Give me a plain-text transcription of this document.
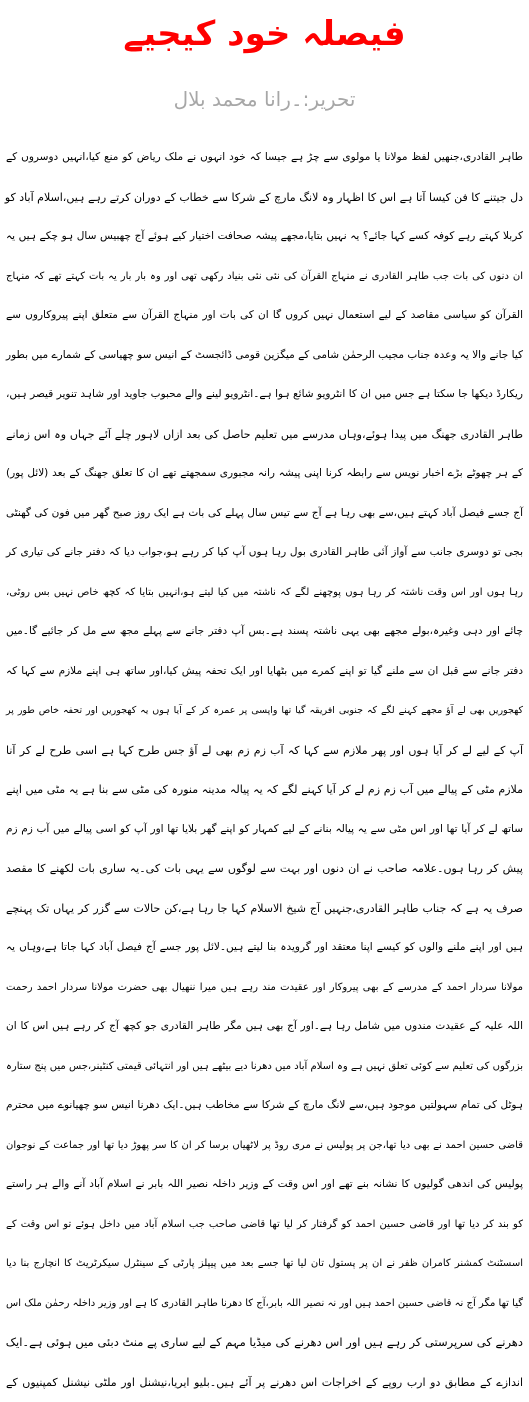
فیصلہ خود کیجیے
تحریر:۔رانا محمد بلال
طاہر القادری،جنھیں لفظ مولانا یا مولوی سے چڑ ہے جیسا کہ خود انہوں نے ملک ریاض کو منع کیا،انہیں دوسروں کے
دل جیتنے کا فن کیسا آتا ہے اس کا اظہار وہ لانگ مارچ کے شرکا سے خطاب کے دوران کرتے رہے ہیں،اسلام آباد کو
کربلا کہتے رہے کوفہ کسے کہا جائے؟ یہ نہیں بتایا،مجھے پیشہ صحافت اختیار کیے ہوئے آج چھبیس سال ہو چکے ہیں یہ
ان دنوں کی بات جب طاہر القادری نے منہاج القرآن کی نئی نئی بنیاد رکھی تھی اور وہ بار بار یہ بات کہتے تھے کہ منہاج
القرآن کو سیاسی مقاصد کے لیے استعمال نہیں کروں گا ان کی بات اور منہاج القرآن سے متعلق اپنے پیروکاروں سے
کیا جانے والا یہ وعدہ جناب مجیب الرحمٰن شامی کے میگزین قومی ڈائجسٹ کے انیس سو چھیاسی کے شمارے میں بطور
ریکارڈ دیکھا جا سکتا ہے جس میں ان کا انٹرویو شائع ہوا ہے۔انٹرویو لینے والے محبوب جاوید اور شاہد تنویر قیصر ہیں،
طاہر القادری جھنگ میں پیدا ہوئے،وہاں مدرسے میں تعلیم حاصل کی بعد ازاں لاہور چلے آئے جہاں وہ اس زمانے
کے ہر چھوٹے بڑے اخبار نویس سے رابطہ کرنا اپنی پیشہ رانہ مجبوری سمجھتے تھے ان کا تعلق جھنگ کے بعد (لائل پور)
آج جسے فیصل آباد کہتے ہیں،سے بھی رہا ہے آج سے تیس سال پہلے کی بات ہے ایک روز صبح گھر میں فون کی گھنٹی
بجی تو دوسری جانب سے آواز آئی طاہر القادری بول رہا ہوں آپ کیا کر رہے ہو،جواب دیا کہ دفتر جانے کی تیاری کر
رہا ہوں اور اس وقت ناشتہ کر رہا ہوں پوچھنے لگے کہ ناشتہ میں کیا لیتے ہو،انہیں بتایا کہ کچھ خاص نہیں بس روٹی،
چائے اور دہی وغیرہ،بولے مجھے بھی یہی ناشتہ پسند ہے۔بس آپ دفتر جانے سے پہلے مجھ سے مل کر جائیے گا۔میں
دفتر جانے سے قبل ان سے ملنے گیا تو اپنے کمرے میں بٹھایا اور ایک تحفہ پیش کیا،اور ساتھ ہی اپنے ملازم سے کہا کہ
کھجوریں بھی لے آؤ مجھے کہنے لگے کہ جنوبی افریقہ گیا تھا واپسی پر عمرہ کر کے آیا ہوں یہ کھجوریں اور تحفہ خاص طور پر
آپ کے لیے لے کر آیا ہوں اور پھر ملازم سے کہا کہ آب زم زم بھی لے آؤ جس طرح کہا ہے اسی طرح لے کر آنا
ملازم مٹی کے پیالے میں آب زم زم لے کر آیا کہنے لگے کہ یہ پیالہ مدینہ منورہ کی مٹی سے بنا ہے یہ مٹی میں اپنے
ساتھ لے کر آیا تھا اور اس مٹی سے یہ پیالہ بنانے کے لیے کمہار کو اپنے گھر بلایا تھا اور آپ کو اسی پیالے میں آب زم زم
پیش کر رہا ہوں۔علامہ صاحب نے ان دنوں اور بہت سے لوگوں سے یہی بات کی۔یہ ساری بات لکھنے کا مقصد
صرف یہ ہے کہ جناب طاہر القادری،جنہیں آج شیخ الاسلام کہا جا رہا ہے،کن حالات سے گزر کر یہاں تک پہنچے
ہیں اور اپنے ملنے والوں کو کیسے اپنا معتقد اور گرویدہ بنا لیتے ہیں۔لائل پور جسے آج فیصل آباد کہا جاتا ہے،وہاں یہ
مولانا سردار احمد کے مدرسے کے بھی پیروکار اور عقیدت مند رہے ہیں میرا ننھیال بھی حضرت مولانا سردار احمد رحمت
اللہ علیہ کے عقیدت مندوں میں شامل رہا ہے۔اور آج بھی ہیں مگر طاہر القادری جو کچھ آج کر رہے ہیں اس کا ان
بزرگوں کی تعلیم سے کوئی تعلق نہیں ہے وہ اسلام آباد میں دھرنا دیے بیٹھے ہیں اور انتہائی قیمتی کنٹینر،جس میں پنج ستارہ
ہوٹل کی تمام سہولتیں موجود ہیں،سے لانگ مارچ کے شرکا سے مخاطب ہیں۔ایک دھرنا انیس سو چھیانوے میں محترم
قاضی حسین احمد نے بھی دیا تھا،جن پر پولیس نے مری روڈ پر لاٹھیاں برسا کر ان کا سر پھوڑ دیا تھا اور جماعت کے نوجوان
پولیس کی اندھی گولیوں کا نشانہ بنے تھے اور اس وقت کے وزیر داخلہ نصیر اللہ بابر نے اسلام آباد آنے والے ہر راستے
کو بند کر دیا تھا اور قاضی حسین احمد کو گرفتار کر لیا تھا قاضی صاحب جب اسلام آباد میں داخل ہوئے تو اس وقت کے
اسسٹنٹ کمشنر کامران ظفر نے ان پر پستول تان لیا تھا جسے بعد میں پیپلز پارٹی کے سینٹرل سیکرٹریٹ کا انچارج بنا دیا
گیا تھا مگر آج نہ قاضی حسین احمد ہیں اور نہ نصیر اللہ بابر،آج کا دھرنا طاہر القادری کا ہے اور وزیر داخلہ رحمٰن ملک اس
دھرنے کی سرپرستی کر رہے ہیں اور اس دھرنے کی میڈیا مہم کے لیے ساری پے منٹ دبئی میں ہوئی ہے۔ایک
اندازے کے مطابق دو ارب روپے کے اخراجات اس دھرنے پر آئے ہیں۔بلیو ایریا،نیشنل اور ملٹی نیشنل کمپنیوں کے
